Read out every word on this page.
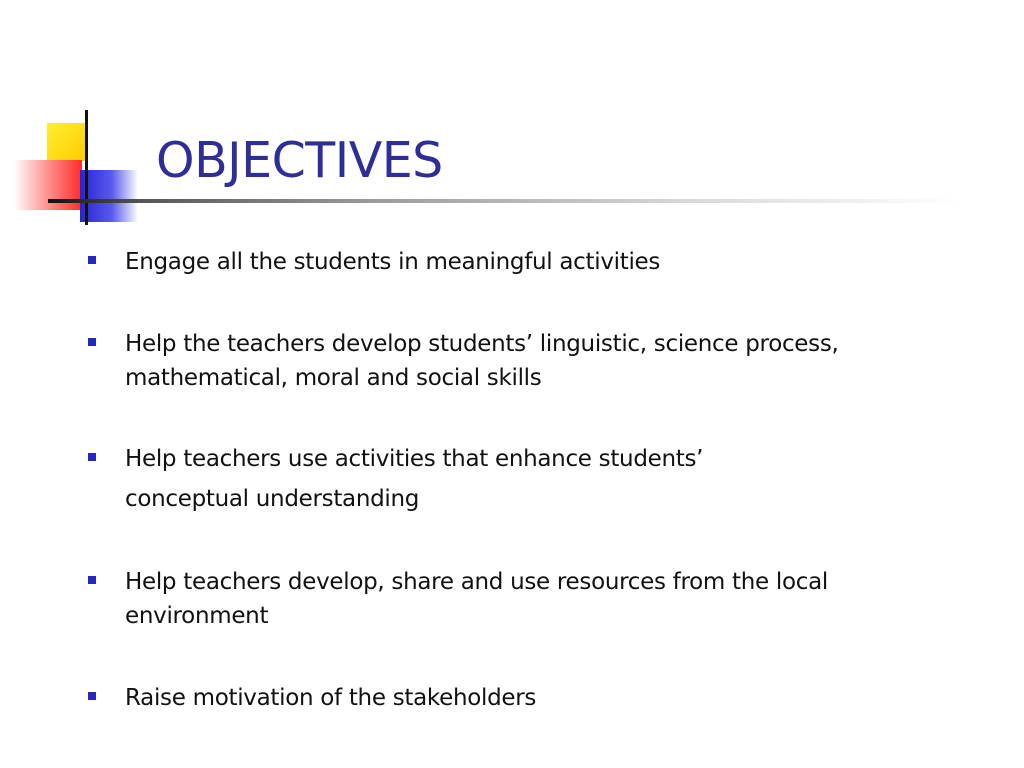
OBJECTIVES
Engage all the students in meaningful activities
Help the teachers develop students’ linguistic, science process,
mathematical, moral and social skills
Help teachers use activities that enhance students’
conceptual understanding
Help teachers develop, share and use resources from the local
environment
Raise motivation of the stakeholders
